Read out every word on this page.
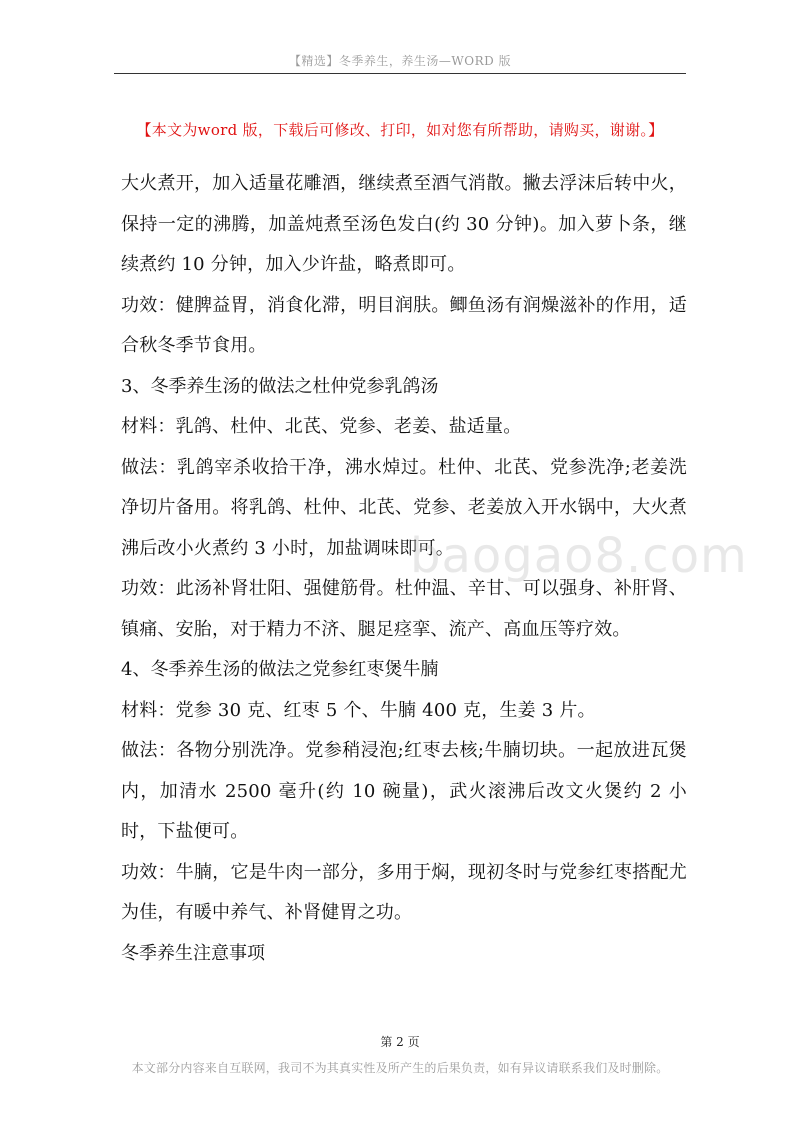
【精选】冬季养生，养生汤—WORD 版
【本文为word 版，下载后可修改、打印，如对您有所帮助，请购买，谢谢。】

大火煮开，加入适量花雕酒，继续煮至酒气消散。撇去浮沫后转中火，保持一定的沸腾，加盖炖煮至汤色发白(约 30 分钟)。加入萝卜条，继续煮约 10 分钟，加入少许盐，略煮即可。

功效：健脾益胃，消食化滞，明目润肤。鲫鱼汤有润燥滋补的作用，适合秋冬季节食用。

3、冬季养生汤的做法之杜仲党参乳鸽汤

材料：乳鸽、杜仲、北芪、党参、老姜、盐适量。

做法：乳鸽宰杀收拾干净，沸水焯过。杜仲、北芪、党参洗净;老姜洗净切片备用。将乳鸽、杜仲、北芪、党参、老姜放入开水锅中，大火煮沸后改小火煮约 3 小时，加盐调味即可。

功效：此汤补肾壮阳、强健筋骨。杜仲温、辛甘、可以强身、补肝肾、镇痛、安胎，对于精力不济、腿足痉挛、流产、高血压等疗效。

4、冬季养生汤的做法之党参红枣煲牛腩

材料：党参 30 克、红枣 5 个、牛腩 400 克，生姜 3 片。

做法：各物分别洗净。党参稍浸泡;红枣去核;牛腩切块。一起放进瓦煲内，加清水 2500 毫升(约 10 碗量)，武火滚沸后改文火煲约 2 小时，下盐便可。

功效：牛腩，它是牛肉一部分，多用于焖，现初冬时与党参红枣搭配尤为佳，有暖中养气、补肾健胃之功。

冬季养生注意事项

baogao8.com
第 2 页
本文部分内容来自互联网，我司不为其真实性及所产生的后果负责，如有异议请联系我们及时删除。
